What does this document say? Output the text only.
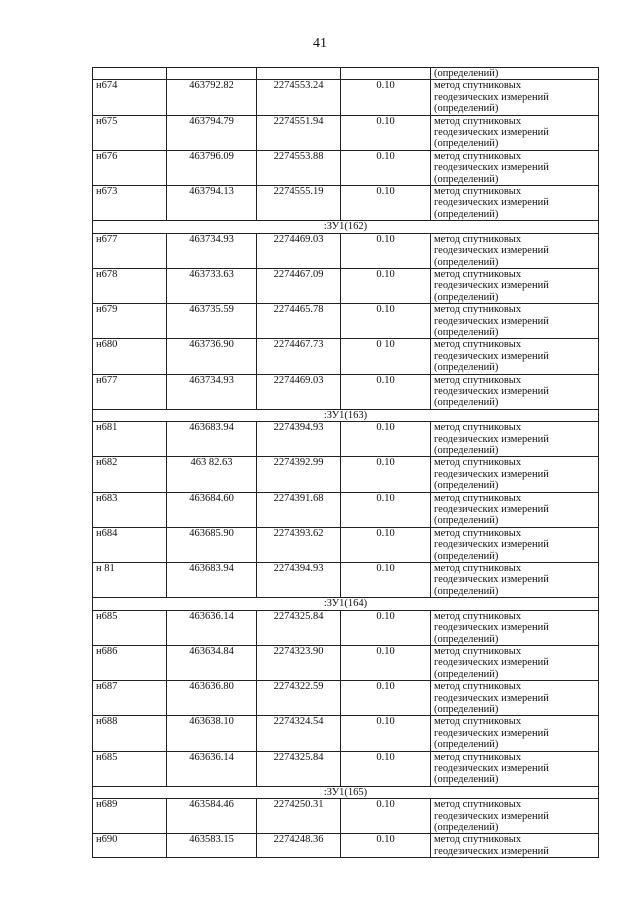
41
				(определений)
н674	463792.82	2274553.24	0.10	метод спутниковых
геодезических измерений
(определений)
н675	463794.79	2274551.94	0.10	метод спутниковых
геодезических измерений
(определений)
н676	463796.09	2274553.88	0.10	метод спутниковых
геодезических измерений
(определений)
н673	463794.13	2274555.19	0.10	метод спутниковых
геодезических измерений
(определений)
:ЗУ1(162)				
н677	463734.93	2274469.03	0.10	метод спутниковых
геодезических измерений
(определений)
н678	463733.63	2274467.09	0.10	метод спутниковых
геодезических измерений
(определений)
н679	463735.59	2274465.78	0.10	метод спутниковых
геодезических измерений
(определений)
н680	463736.90	2274467.73	0 10	метод спутниковых
геодезических измерений
(определений)
н677	463734.93	2274469.03	0.10	метод спутниковых
геодезических измерений
(определений)
:ЗУ1(163)				
н681	463683.94	2274394.93	0.10	метод спутниковых
геодезических измерений
(определений)
н682	463 82.63	2274392.99	0.10	метод спутниковых
геодезических измерений
(определений)
н683	463684.60	2274391.68	0.10	метод спутниковых
геодезических измерений
(определений)
н684	463685.90	2274393.62	0.10	метод спутниковых
геодезических измерений
(определений)
н 81	463683.94	2274394.93	0.10	метод спутниковых
геодезических измерений
(определений)
:ЗУ1(164)				
н685	463636.14	2274325.84	0.10	метод спутниковых
геодезических измерений
(определений)
н686	463634.84	2274323.90	0.10	метод спутниковых
геодезических измерений
(определений)
н687	463636.80	2274322.59	0.10	метод спутниковых
геодезических измерений
(определений)
н688	463638.10	2274324.54	0.10	метод спутниковых
геодезических измерений
(определений)
н685	463636.14	2274325.84	0.10	метод спутниковых
геодезических измерений
(определений)
:ЗУ1(165)				
н689	463584.46	2274250.31	0.10	метод спутниковых
геодезических измерений
(определений)
н690	463583.15	2274248.36	0.10	метод спутниковых
геодезических измерений
